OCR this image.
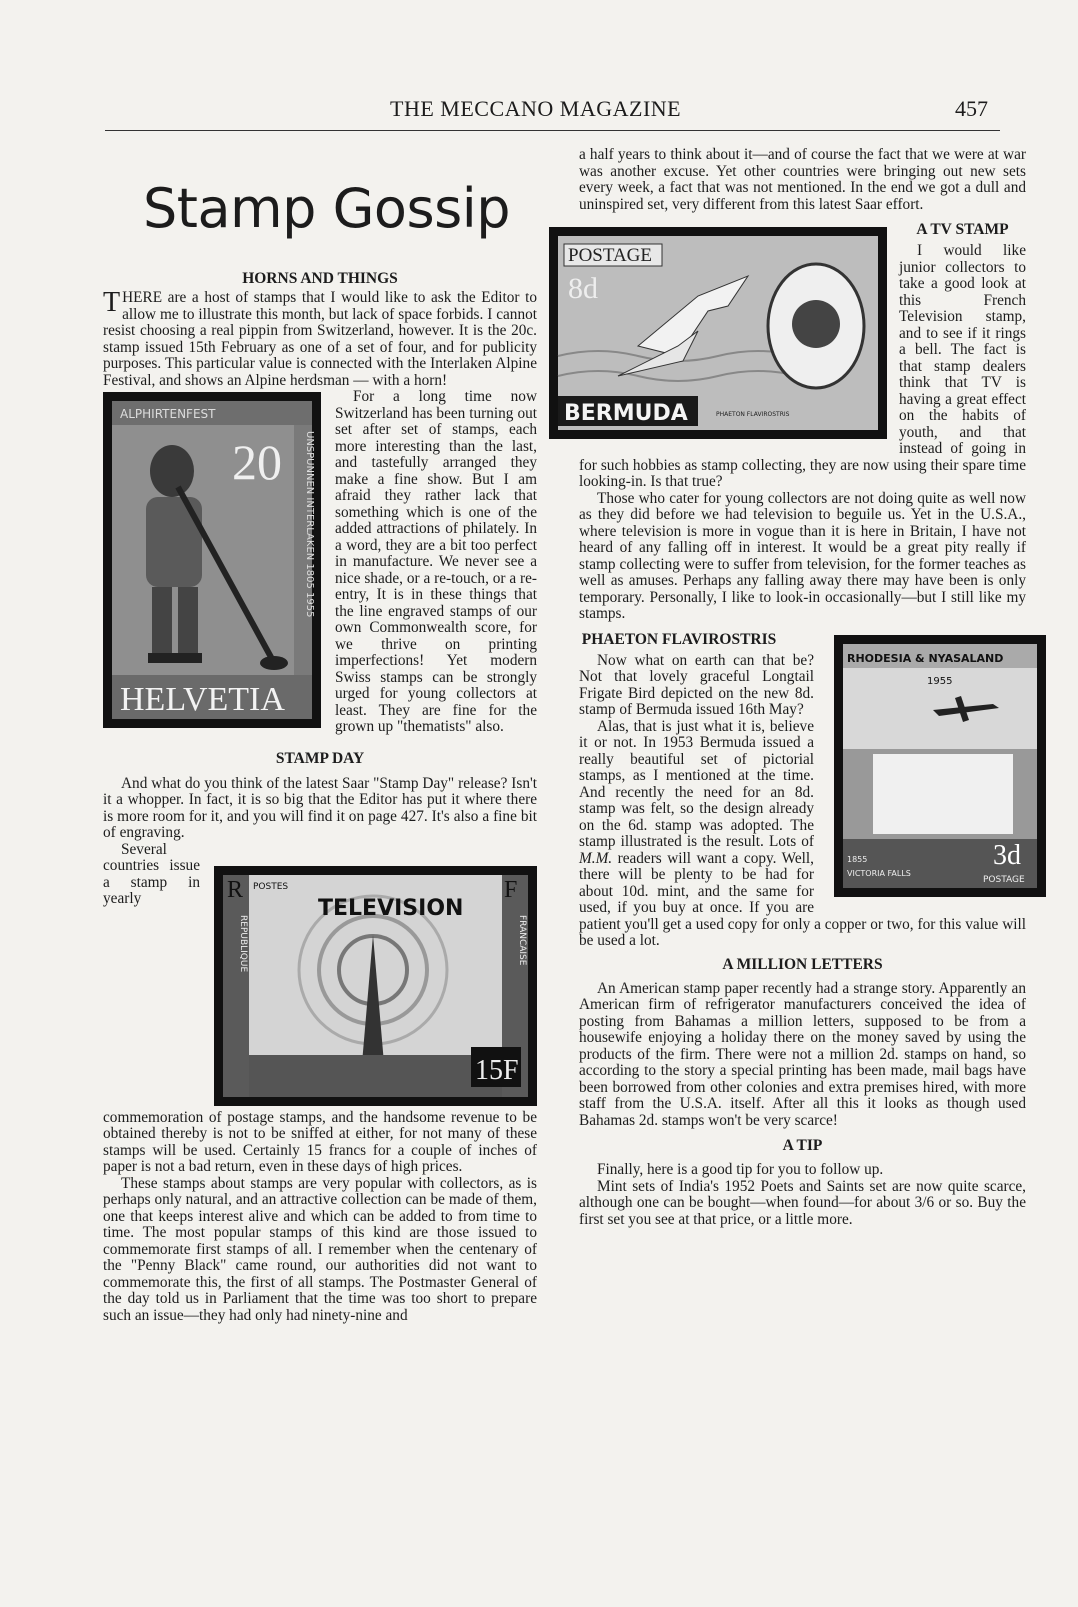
THE MECCANO MAGAZINE	457
Stamp Gossip

HORNS AND THINGS

THERE are a host of stamps that I would like to ask the Editor to allow me to illustrate this month, but lack of space forbids. I cannot resist choosing a real pippin from Switzerland, however. It is the 20c. stamp issued 15th February as one of a set of four, and for publicity purposes. This particular value is connected with the Interlaken Alpine Festival, and shows an Alpine herdsman — with a horn!

ALPHIRTENFEST
20 UNSPUNNEN INTERLAKEN 1805 1955
HELVETIA

For a long time now Switzerland has been turning out set after set of stamps, each more interesting than the last, and tastefully arranged they make a fine show. But I am afraid they rather lack that something which is one of the added attractions of philately. In a word, they are a bit too perfect in manufacture. We never see a nice shade, or a re-touch, or a re-entry, It is in these things that the line engraved stamps of our own Commonwealth score, for we thrive on printing imperfections! Yet modern Swiss stamps can be strongly urged for young collectors at least. They are fine for the grown up "thematists" also.

STAMP DAY

And what do you think of the latest Saar "Stamp Day" release? Isn't it a whopper. In fact, it is so big that the Editor has put it where there is more room for it, and you will find it on page 427. It's also a fine bit of engraving.

R	F
POSTES
REPUBLIQUE	FRANCAISE
TELEVISION
15F

Several countries issue a stamp in yearly commemoration of postage stamps, and the handsome revenue to be obtained thereby is not to be sniffed at either, for not many of these stamps will be used. Certainly 15 francs for a couple of inches of paper is not a bad return, even in these days of high prices.

These stamps about stamps are very popular with collectors, as is perhaps only natural, and an attractive collection can be made of them, one that keeps interest alive and which can be added to from time to time. The most popular stamps of this kind are those issued to commemorate first stamps of all. I remember when the centenary of the "Penny Black" came round, our authorities did not want to commemorate this, the first of all stamps. The Postmaster General of the day told us in Parliament that the time was too short to prepare such an issue—they had only had ninety-nine and

a half years to think about it—and of course the fact that we were at war was another excuse. Yet other countries were bringing out new sets every week, a fact that was not mentioned. In the end we got a dull and uninspired set, very different from this latest Saar effort.

POSTAGE
8d
BERMUDA	PHAETON FLAVIROSTRIS

A TV STAMP

I would like junior collectors to take a good look at this French Television stamp, and to see if it rings a bell. The fact is that stamp dealers think that TV is having a great effect on the habits of youth, and that instead of going in for such hobbies as stamp collecting, they are now using their spare time looking-in. Is that true?

Those who cater for young collectors are not doing quite as well now as they did before we had television to beguile us. Yet in the U.S.A., where television is more in vogue than it is here in Britain, I have not heard of any falling off in interest. It would be a great pity really if stamp collecting were to suffer from television, for the former teaches as well as amuses. Perhaps any falling away there may have been is only temporary. Personally, I like to look-in occasionally—but I still like my stamps.

RHODESIA & NYASALAND
1955
1855
VICTORIA FALLS
3d
POSTAGE

PHAETON FLAVIROSTRIS

Now what on earth can that be? Not that lovely graceful Longtail Frigate Bird depicted on the new 8d. stamp of Bermuda issued 16th May?

Alas, that is just what it is, believe it or not. In 1953 Bermuda issued a really beautiful set of pictorial stamps, as I mentioned at the time. And recently the need for an 8d. stamp was felt, so the design already on the 6d. stamp was adopted. The stamp illustrated is the result. Lots of M.M. readers will want a copy. Well, there will be plenty to be had for about 10d. mint, and the same for used, if you buy at once. If you are patient you'll get a used copy for only a copper or two, for this value will be used a lot.

A MILLION LETTERS

An American stamp paper recently had a strange story. Apparently an American firm of refrigerator manufacturers conceived the idea of posting from Bahamas a million letters, supposed to be from a housewife enjoying a holiday there on the money saved by using the products of the firm. There were not a million 2d. stamps on hand, so according to the story a special printing has been made, mail bags have been borrowed from other colonies and extra premises hired, with more staff from the U.S.A. itself. After all this it looks as though used Bahamas 2d. stamps won't be very scarce!

A TIP

Finally, here is a good tip for you to follow up.

Mint sets of India's 1952 Poets and Saints set are now quite scarce, although one can be bought—when found—for about 3/6 or so. Buy the first set you see at that price, or a little more.
